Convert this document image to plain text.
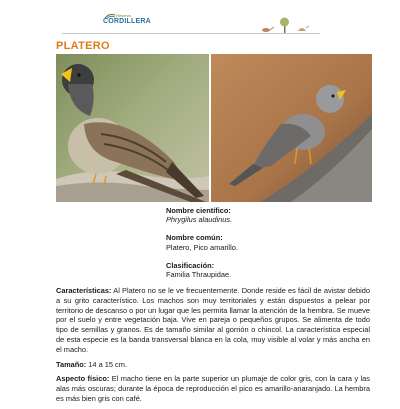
Reserva
CORDILLERA
PLATERO
Nombre científico:
Phrygilus alaudinus.
Nombre común:
Platero, Pico amarillo.
Clasificación:
Familia Thraupidae.

Características: Al Platero no se le ve frecuentemente. Donde reside es fácil de avistar debido a su grito característico. Los machos son muy territoriales y están dispuestos a pelear por territorio de descanso o por un lugar que les permita llamar la atención de la hembra. Se mueve por el suelo y entre vegetación baja. Vive en pareja o pequeños grupos. Se alimenta de todo tipo de semillas y granos. Es de tamaño similar al gorrión o chincol. La característica especial de esta especie es la banda transversal blanca en la cola, muy visible al volar y más ancha en el macho.

Tamaño: 14 a 15 cm.

Aspecto físico: El macho tiene en la parte superior un plumaje de color gris, con la cara y las alas más oscuras; durante la época de reproducción el pico es amarillo-anaranjado. La hembra es más bien gris con café.
